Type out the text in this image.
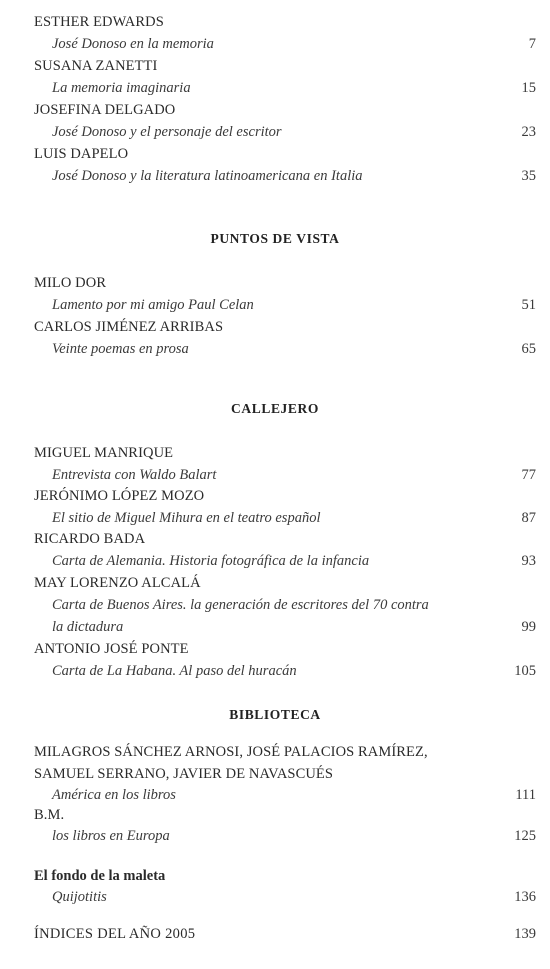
ESTHER EDWARDS
José Donoso en la memoria	7
SUSANA ZANETTI
La memoria imaginaria	15
JOSEFINA DELGADO
José Donoso y el personaje del escritor	23
LUIS DAPELO
José Donoso y la literatura latinoamericana en Italia	35
PUNTOS DE VISTA
MILO DOR
Lamento por mi amigo Paul Celan	51
CARLOS JIMÉNEZ ARRIBAS
Veinte poemas en prosa	65
CALLEJERO
MIGUEL MANRIQUE
Entrevista con Waldo Balart	77
JERÓNIMO LÓPEZ MOZO
El sitio de Miguel Mihura en el teatro español	87
RICARDO BADA
Carta de Alemania. Historia fotográfica de la infancia	93
MAY LORENZO ALCALÁ
Carta de Buenos Aires. la generación de escritores del 70 contra
la dictadura	99
ANTONIO JOSÉ PONTE
Carta de La Habana. Al paso del huracán	105
BIBLIOTECA
MILAGROS SÁNCHEZ ARNOSI, JOSÉ PALACIOS RAMÍREZ,
SAMUEL SERRANO, JAVIER DE NAVASCUÉS
América en los libros	111
B.M.
los libros en Europa	125
El fondo de la maleta
Quijotitis	136
ÍNDICES DEL AÑO 2005	139
